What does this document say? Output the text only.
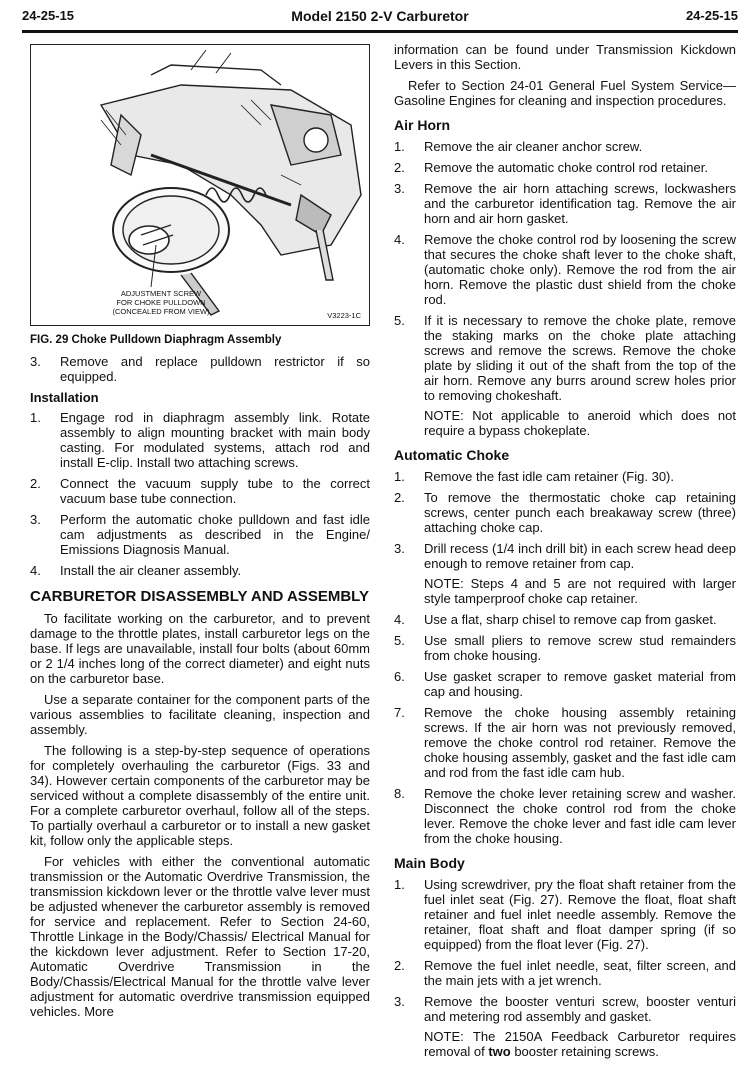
24-25-15	Model 2150 2-V Carburetor	24-25-15
ADJUSTMENT SCREW
FOR CHOKE PULLDOWN
(CONCEALED FROM VIEW)	V3223-1C
FIG. 29 Choke Pulldown Diaphragm Assembly
3. Remove and replace pulldown restrictor if so equipped.
Installation
1. Engage rod in diaphragm assembly link. Rotate assembly to align mounting bracket with main body casting. For modulated systems, attach rod and install E-clip. Install two attaching screws.
2. Connect the vacuum supply tube to the correct vacuum base tube connection.
3. Perform the automatic choke pulldown and fast idle cam adjustments as described in the Engine/ Emissions Diagnosis Manual.
4. Install the air cleaner assembly.
CARBURETOR DISASSEMBLY AND ASSEMBLY

To facilitate working on the carburetor, and to prevent damage to the throttle plates, install carburetor legs on the base. If legs are unavailable, install four bolts (about 60mm or 2 1/4 inches long of the correct diameter) and eight nuts on the carburetor base.

Use a separate container for the component parts of the various assemblies to facilitate cleaning, inspection and assembly.

The following is a step-by-step sequence of operations for completely overhauling the carburetor (Figs. 33 and 34). However certain components of the carburetor may be serviced without a complete disassembly of the entire unit. For a complete carburetor overhaul, follow all of the steps. To partially overhaul a carburetor or to install a new gasket kit, follow only the applicable steps.

For vehicles with either the conventional automatic transmission or the Automatic Overdrive Transmission, the transmission kickdown lever or the throttle valve lever must be adjusted whenever the carburetor assembly is removed for service and replacement. Refer to Section 24-60, Throttle Linkage in the Body/Chassis/ Electrical Manual for the kickdown lever adjustment. Refer to Section 17-20, Automatic Overdrive Transmission in the Body/Chassis/Electrical Manual for the throttle valve lever adjustment for automatic overdrive transmission equipped vehicles. More

information can be found under Transmission Kickdown Levers in this Section.

Refer to Section 24-01 General Fuel System Service—Gasoline Engines for cleaning and inspection procedures.

Air Horn
1. Remove the air cleaner anchor screw.
2. Remove the automatic choke control rod retainer.
3. Remove the air horn attaching screws, lockwashers and the carburetor identification tag. Remove the air horn and air horn gasket.
4. Remove the choke control rod by loosening the screw that secures the choke shaft lever to the choke shaft, (automatic choke only). Remove the rod from the air horn. Remove the plastic dust shield from the choke rod.
5. If it is necessary to remove the choke plate, remove the staking marks on the choke plate attaching screws and remove the screws. Remove the choke plate by sliding it out of the shaft from the top of the air horn. Remove any burrs around screw holes prior to removing chokeshaft.
NOTE: Not applicable to aneroid which does not require a bypass chokeplate.
Automatic Choke
1. Remove the fast idle cam retainer (Fig. 30).
2. To remove the thermostatic choke cap retaining screws, center punch each breakaway screw (three) attaching choke cap.
3. Drill recess (1/4 inch drill bit) in each screw head deep enough to remove retainer from cap.
NOTE: Steps 4 and 5 are not required with larger style tamperproof choke cap retainer.
4. Use a flat, sharp chisel to remove cap from gasket.
5. Use small pliers to remove screw stud remainders from choke housing.
6. Use gasket scraper to remove gasket material from cap and housing.
7. Remove the choke housing assembly retaining screws. If the air horn was not previously removed, remove the choke control rod retainer. Remove the choke housing assembly, gasket and the fast idle cam and rod from the fast idle cam hub.
8. Remove the choke lever retaining screw and washer. Disconnect the choke control rod from the choke lever. Remove the choke lever and fast idle cam lever from the choke housing.
Main Body
1. Using screwdriver, pry the float shaft retainer from the fuel inlet seat (Fig. 27). Remove the float, float shaft retainer and fuel inlet needle assembly. Remove the retainer, float shaft and float damper spring (if so equipped) from the float lever (Fig. 27).
2. Remove the fuel inlet needle, seat, filter screen, and the main jets with a jet wrench.
3. Remove the booster venturi screw, booster venturi and metering rod assembly and gasket.
NOTE: The 2150A Feedback Carburetor requires removal of two booster retaining screws.
